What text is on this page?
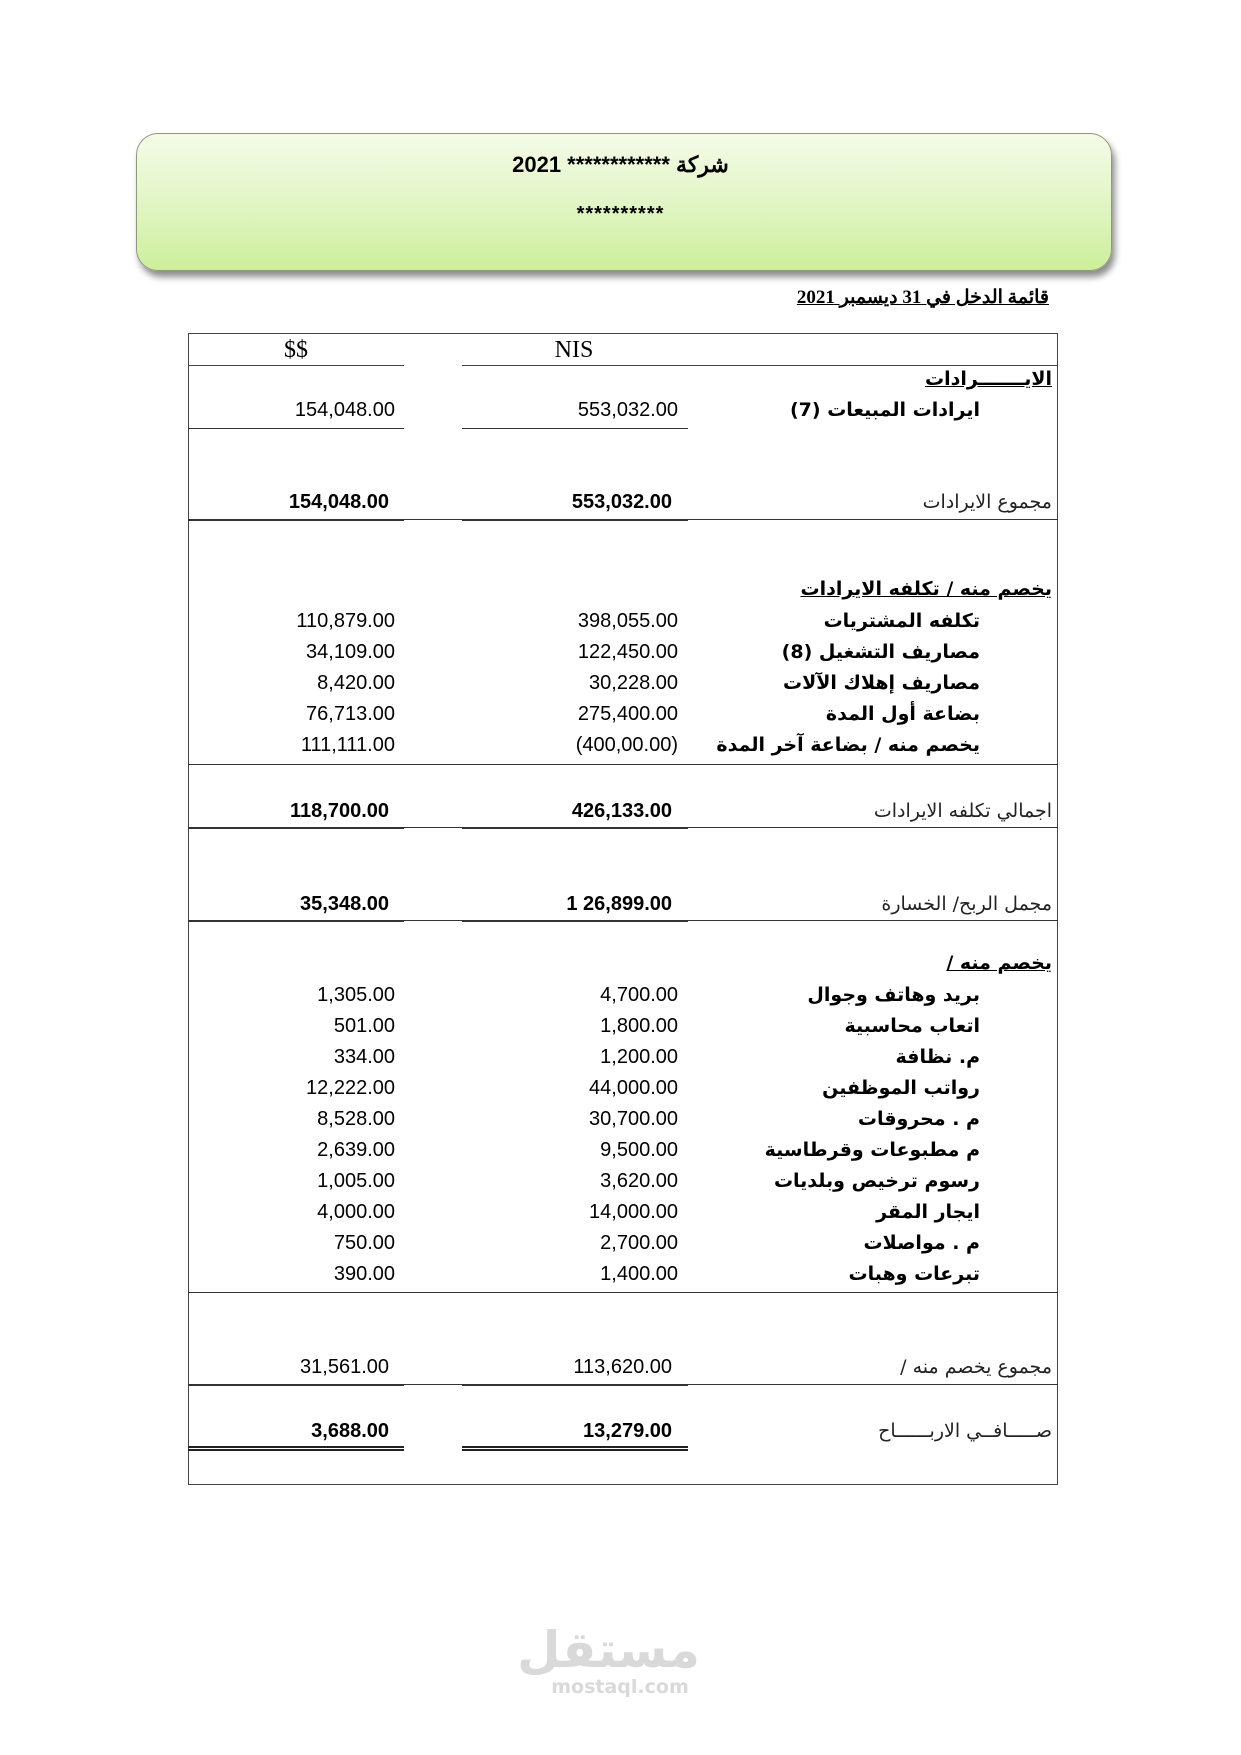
شركة ************ 2021
**********
قائمة الدخل في 31 ديسمبر 2021
$$	NIS
الايـــــــرادات
154,048.00	553,032.00	ايرادات المبيعات (7)
154,048.00	553,032.00	مجموع الايرادات
يخصم منه / تكلفه الايرادات
110,879.00	398,055.00	تكلفه المشتريات
34,109.00	122,450.00	مصاريف التشغيل (8)
8,420.00	30,228.00	مصاريف إهلاك الآلات
76,713.00	275,400.00	بضاعة أول المدة
111,111.00	(400,00.00) يخصم منه / بضاعة آخر المدة
118,700.00	426,133.00	اجمالي تكلفه الايرادات
35,348.00	1 26,899.00	مجمل الربح/ الخسارة
يخصم منه /
1,305.00	4,700.00	بريد وهاتف وجوال
501.00	1,800.00	اتعاب محاسبية
334.00	1,200.00	م. نظافة
12,222.00	44,000.00	رواتب الموظفين
8,528.00	30,700.00	م . محروقات
2,639.00	9,500.00	م مطبوعات وقرطاسية
1,005.00	3,620.00	رسوم ترخيص وبلديات
4,000.00	14,000.00	ايجار المقر
750.00	2,700.00	م . مواصلات
390.00	1,400.00	تبرعات وهبات
31,561.00	113,620.00	مجموع يخصم منه /
3,688.00	13,279.00	صـــــافــي الاربــــــاح
مستقل
mostaql.com
